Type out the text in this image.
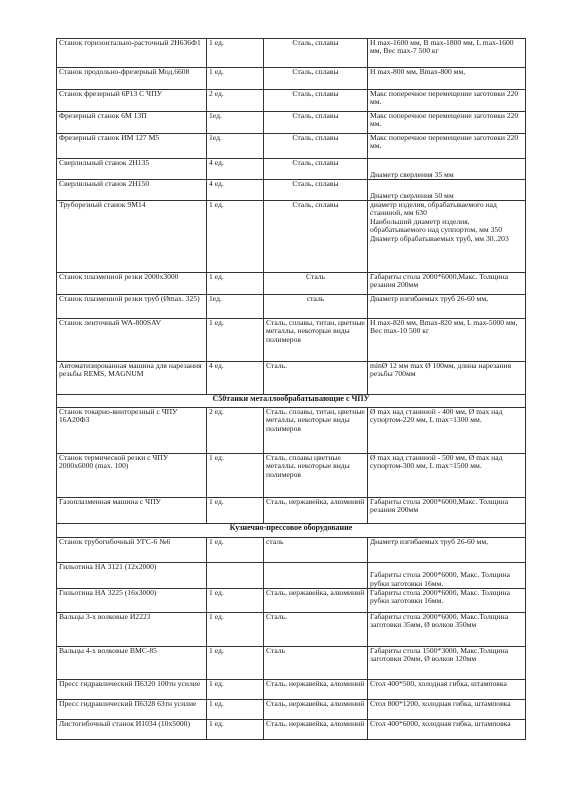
Станок горизонтально-расточный 2Н636Ф1	1 ед.	Сталь, сплавы	H max-1600 мм, B max-1800 мм, L max-1600 мм, Вес max-7 500 кг
Станок продольно-фрезерный Мод.6608	1 ед.	Сталь, сплавы	H max-800 мм, Bmax-800 мм,
Станок фрезерный 6Р13 С ЧПУ	2 ед.	Сталь, сплавы	Макс поперечное перемещение заготовки 220 мм.
Фрезерный станок 6М 13П	1ед.	Сталь, сплавы	Макс поперечное перемещение заготовки 220 мм.
Фрезерный станок ИМ 127 М5	1ед.	Сталь, сплавы	Макс поперечное перемещение заготовки 220 мм.
Сверлильный станок 2Н135	4 ед.	Сталь, сплавы	Диаметр сверления 35 мм
Сверлильный станок 2Н150	4 ед.	Сталь, сплавы	Диаметр сверления 50 мм
Труборезный станок 9М14	1 ед.	Сталь, сплавы	диаметр изделия, обрабатываемого над станиной, мм 630
Наибольший диаметр изделия, обрабатываемого над суппортом, мм 350
Диаметр обрабатываемых труб, мм 30..203
Станок плазменной резки 2000х3000	1 ед.	Сталь	Габариты стола 2000*6000,Макс. Толщина резания 200мм
Станок плазменной резки труб (Ømax. 325)	1ед.	сталь	Диаметр изгибаемых труб 26-60 мм,
Станок ленточный WA-800SAV	1 ед.	Сталь, сплавы, титан, цветные металлы, некоторые виды полимеров	H max-820 мм, Bmax-820 мм, L max-5000 мм, Вес max-10 500 кг
Автоматизированная машина для нарезания резьбы REMS, MAGNUM	4 ед.	Сталь.	minØ 12 мм max Ø 100мм, длина нарезания резьбы 700мм
С50танки металлообрабатывающие с ЧПУ			
Станок токарно-винторезный с ЧПУ 16А20Ф3	2 ед.	Сталь, сплавы, титан, цветные металлы, некоторые виды полимеров	Ø max над станиной - 400 мм, Ø max над супортом-220 мм, L max=1300 мм.
Станок термической резки с ЧПУ 2000х6000 (max. 100)	1 ед.	Сталь, сплавы цветные металлы, некоторые виды полимеров	Ø max над станиной - 500 мм, Ø max над супортом-300 мм, L max=1500 мм.
Газоплазменная машина с ЧПУ	1 ед.	Сталь, нержавейка, алюминий	Габариты стола 2000*6000,Макс. Толщина резания 200мм
Кузнечно-прессовое оборудование			
Станок трубогибочный УГС-6 №6	1 ед.	сталь	Диаметр изгибаемых труб 26-60 мм,
Гильотина НА 3121 (12х2000)			Габариты стола 2000*6000, Макс. Толщина рубки заготовки 16мм.
Гильотина НА 3225 (16х3000)	1 ед.	Сталь, нержавейка, алюминий	Габариты стола 2000*6000, Макс. Толщина рубки заготовки 16мм.
Вальцы 3-х волковые И2223	1 ед.	Сталь.	Габариты стола 2000*6000, Макс.Толщина заготовки 35мм, Ø волков 350мм
Вальцы 4-х волковые ВМС-85	1 ед.	Сталь	Габариты стола 1500*3000, Макс.Толщина заготовки 20мм, Ø волков 120мм
Пресс гидравлический П6320 100тн усилие	1 ед.	Сталь, нержавейка, алюминий	Стол 400*500, холодная гибка, штамповка
Пресс гидравлический П6328 63тн усилие	1 ед.	Сталь, нержавейка, алюминий	Стол 800*1200, холодная гибка, штамповка
Листогибочный станок И1034 (10х5000)	1 ед.	Сталь, нержавейка, алюминий	Стол 400*6000, холодная гибка, штамповка
